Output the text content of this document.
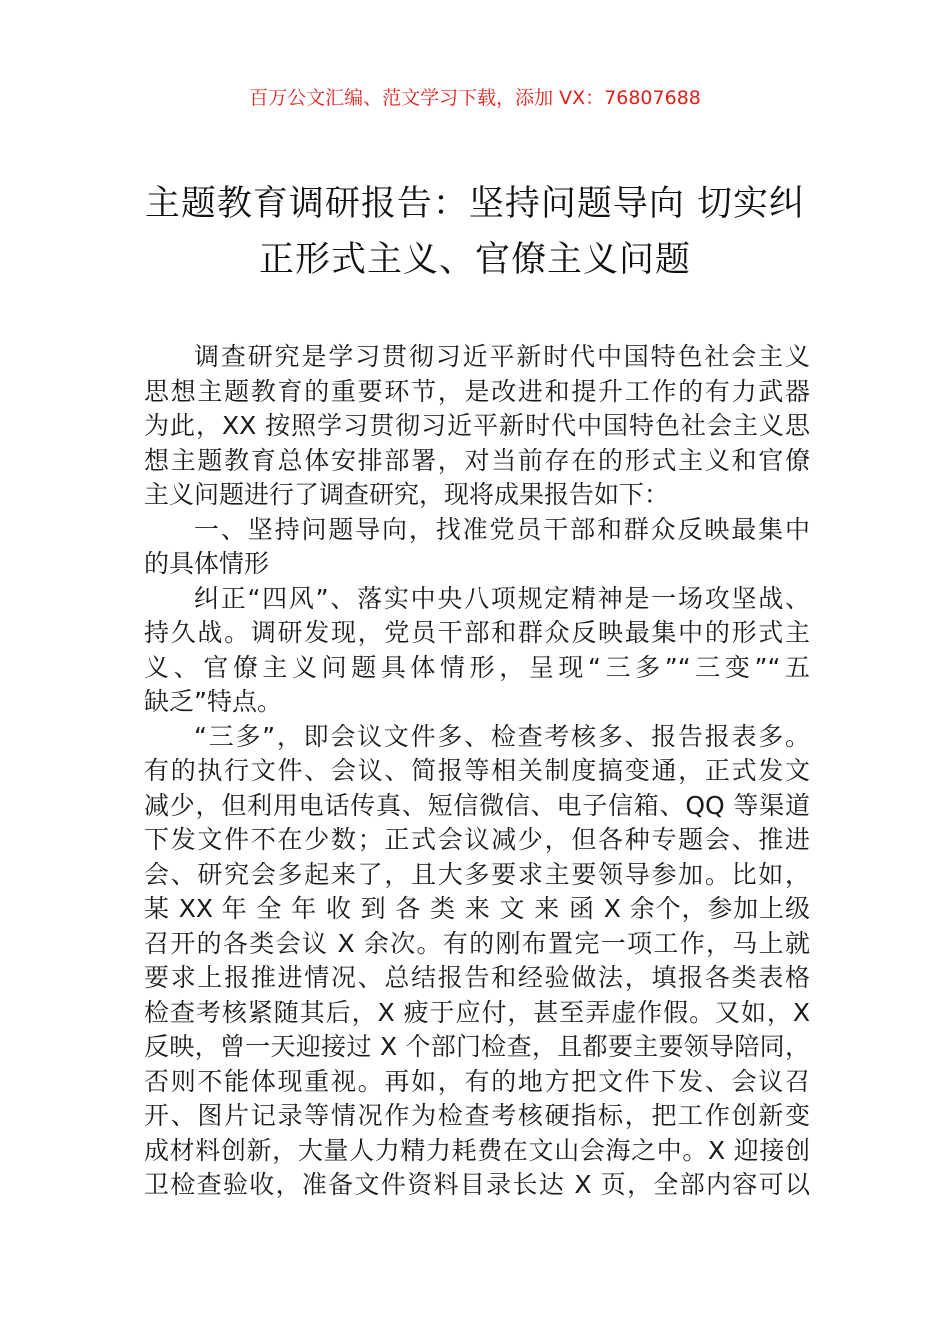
百万公文汇编、范文学习下载，添加 VX：76807688
主题教育调研报告：坚持问题导向 切实纠
正形式主义、官僚主义问题
调查研究是学习贯彻习近平新时代中国特色社会主义
思想主题教育的重要环节，是改进和提升工作的有力武器
为此，XX 按照学习贯彻习近平新时代中国特色社会主义思
想主题教育总体安排部署，对当前存在的形式主义和官僚
主义问题进行了调查研究，现将成果报告如下：
一、坚持问题导向，找准党员干部和群众反映最集中
的具体情形
纠正“四风”、落实中央八项规定精神是一场攻坚战、
持久战。调研发现，党员干部和群众反映最集中的形式主
义、官僚主义问题具体情形，呈现“三多”“三变”“五
缺乏”特点。
“三多”，即会议文件多、检查考核多、报告报表多。
有的执行文件、会议、简报等相关制度搞变通，正式发文
减少，但利用电话传真、短信微信、电子信箱、QQ 等渠道
下发文件不在少数；正式会议减少，但各种专题会、推进
会、研究会多起来了，且大多要求主要领导参加。比如，
某 XX 年 全 年 收 到 各 类 来 文 来 函 X 余个，参加上级
召开的各类会议 X 余次。有的刚布置完一项工作，马上就
要求上报推进情况、总结报告和经验做法，填报各类表格
检查考核紧随其后，X 疲于应付，甚至弄虚作假。又如，X
反映，曾一天迎接过 X 个部门检查，且都要主要领导陪同，
否则不能体现重视。再如，有的地方把文件下发、会议召
开、图片记录等情况作为检查考核硬指标，把工作创新变
成材料创新，大量人力精力耗费在文山会海之中。X 迎接创
卫检查验收，准备文件资料目录长达 X 页，全部内容可以
